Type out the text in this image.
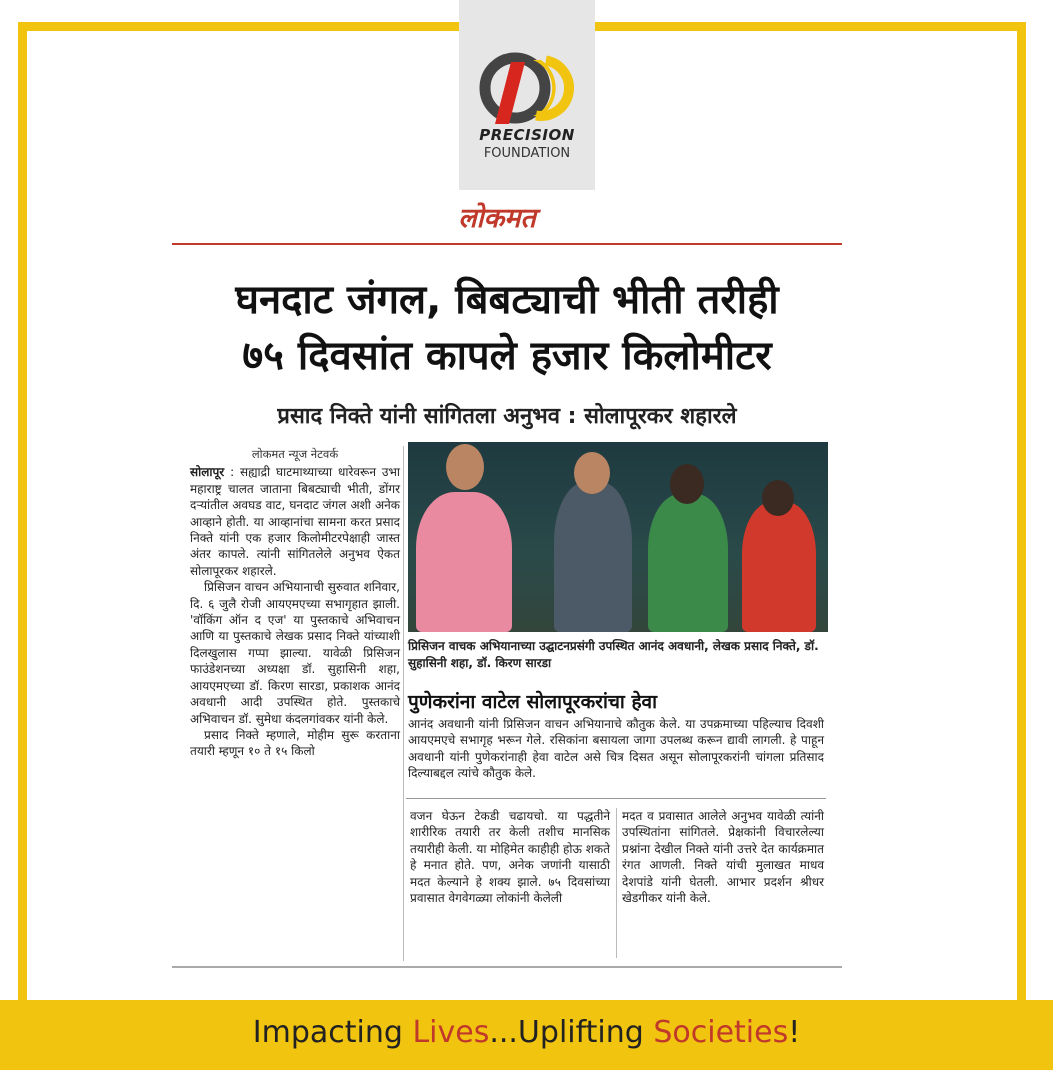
PRECISION
FOUNDATION
लोकमत
घनदाट जंगल, बिबट्याची भीती तरीही
७५ दिवसांत कापले हजार किलोमीटर
प्रसाद निक्ते यांनी सांगितला अनुभव : सोलापूरकर शहारले
लोकमत न्यूज नेटवर्क

सोलापूर : सह्याद्री घाटमाथ्याच्या धारेवरून उभा महाराष्ट्र चालत जाताना बिबट्याची भीती, डोंगर दऱ्यांतील अवघड वाट, घनदाट जंगल अशी अनेक आव्हाने होती. या आव्हानांचा सामना करत प्रसाद निक्ते यांनी एक हजार किलोमीटरपेक्षाही जास्त अंतर कापले. त्यांनी सांगितलेले अनुभव ऐकत सोलापूरकर शहारले.

प्रिसिजन वाचन अभियानाची सुरुवात शनिवार, दि. ६ जुलै रोजी आयएमएच्या सभागृहात झाली. 'वॉकिंग ऑन द एज' या पुस्तकाचे अभिवाचन आणि या पुस्तकाचे लेखक प्रसाद निक्ते यांच्याशी दिलखुलास गप्पा झाल्या. यावेळी प्रिसिजन फाउंडेशनच्या अध्यक्षा डॉ. सुहासिनी शहा, आयएमएच्या डॉ. किरण सारडा, प्रकाशक आनंद अवधानी आदी उपस्थित होते. पुस्तकाचे अभिवाचन डॉ. सुमेधा कंदलगांवकर यांनी केले.

प्रसाद निक्ते म्हणाले, मोहीम सुरू करताना तयारी म्हणून १० ते १५ किलो

प्रिसिजन वाचक अभियानाच्या उद्घाटनप्रसंगी उपस्थित आनंद अवधानी, लेखक प्रसाद निक्ते, डॉ. सुहासिनी शहा, डॉ. किरण सारडा
पुणेकरांना वाटेल सोलापूरकरांचा हेवा
आनंद अवधानी यांनी प्रिसिजन वाचन अभियानाचे कौतुक केले. या उपक्रमाच्या पहिल्याच दिवशी आयएमएचे सभागृह भरून गेले. रसिकांना बसायला जागा उपलब्ध करून द्यावी लागली. हे पाहून अवधानी यांनी पुणेकरांनाही हेवा वाटेल असे चित्र दिसत असून सोलापूरकरांनी चांगला प्रतिसाद दिल्याबद्दल त्यांचे कौतुक केले.
वजन घेऊन टेकडी चढायचो. या पद्धतीने शारीरिक तयारी तर केली तशीच मानसिक तयारीही केली. या मोहिमेत काहीही होऊ शकते हे मनात होते. पण, अनेक जणांनी यासाठी मदत केल्याने हे शक्य झाले. ७५ दिवसांच्या प्रवासात वेगवेगळ्या लोकांनी केलेली
मदत व प्रवासात आलेले अनुभव यावेळी त्यांनी उपस्थितांना सांगितले. प्रेक्षकांनी विचारलेल्या प्रश्नांना देखील निक्ते यांनी उत्तरे देत कार्यक्रमात रंगत आणली. निक्ते यांची मुलाखत माधव देशपांडे यांनी घेतली. आभार प्रदर्शन श्रीधर खेडगीकर यांनी केले.
Impacting Lives...Uplifting Societies!
